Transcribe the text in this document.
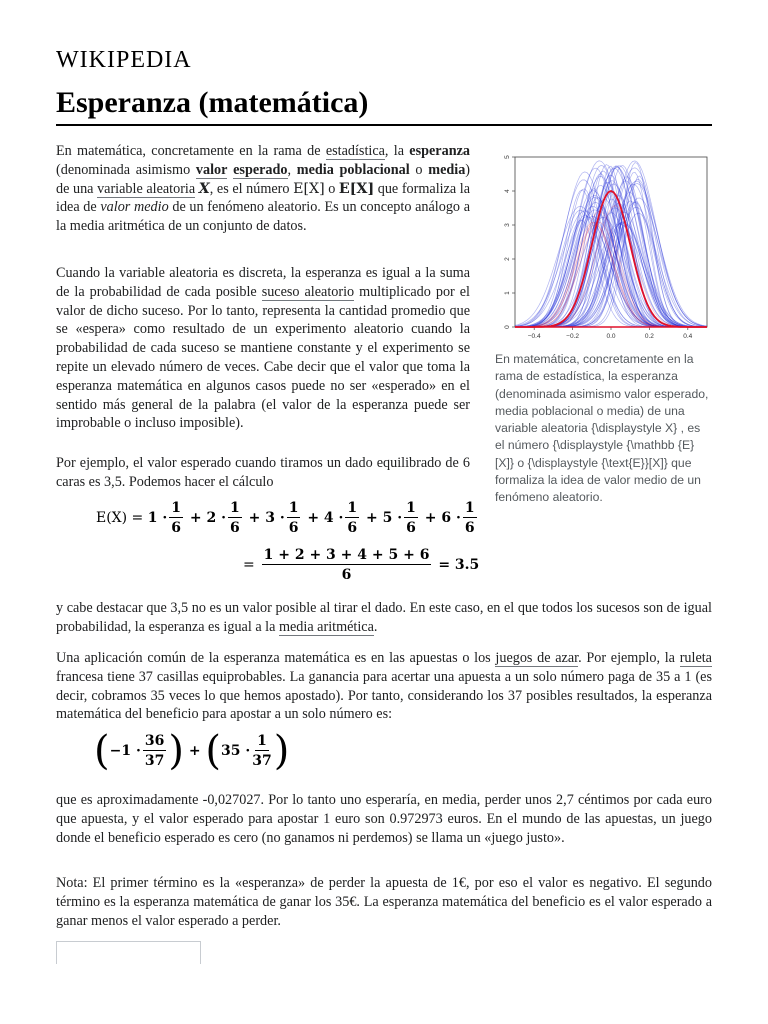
WIKIPEDIA
Esperanza (matemática)

En matemática, concretamente en la rama de estadística, la esperanza (denominada asimismo valor esperado, media poblacional o media) de una variable aleatoria X, es el número E[X] o E[X] que formaliza la idea de valor medio de un fenómeno aleatorio. Es un concepto análogo a la media aritmética de un conjunto de datos.

0
1
2
3
4
5
−0.4	−0.2	0.0	0.2	0.4
En matemática, concretamente en la rama de estadística, la esperanza (denominada asimismo valor esperado, media poblacional o media) de una variable aleatoria {\displaystyle X} , es el número {\displaystyle {\mathbb {E} [X]} o {\displaystyle {\text{E}}[X]} que formaliza la idea de valor medio de un fenómeno aleatorio.

Cuando la variable aleatoria es discreta, la esperanza es igual a la suma de la probabilidad de cada posible suceso aleatorio multiplicado por el valor de dicho suceso. Por lo tanto, representa la cantidad promedio que se «espera» como resultado de un experimento aleatorio cuando la probabilidad de cada suceso se mantiene constante y el experimento se repite un elevado número de veces. Cabe decir que el valor que toma la esperanza matemática en algunos casos puede no ser «esperado» en el sentido más general de la palabra (el valor de la esperanza puede ser improbable o incluso imposible).

Por ejemplo, el valor esperado cuando tiramos un dado equilibrado de 6 caras es 3,5. Podemos hacer el cálculo

$E(X) = 1 \cdot \frac{1}{6} + 2 \cdot \frac{1}{6} + 3 \cdot \frac{1}{6} + 4 \cdot \frac{1}{6} + 5 \cdot \frac{1}{6} + 6 \cdot \frac{1}{6}$
= $\frac{1 + 2 + 3 + 4 + 5 + 6}{6} = 3.5$

y cabe destacar que 3,5 no es un valor posible al tirar el dado. En este caso, en el que todos los sucesos son de igual probabilidad, la esperanza es igual a la media aritmética.

Una aplicación común de la esperanza matemática es en las apuestas o los juegos de azar. Por ejemplo, la ruleta francesa tiene 37 casillas equiprobables. La ganancia para acertar una apuesta a un solo número paga de 35 a 1 (es decir, cobramos 35 veces lo que hemos apostado). Por tanto, considerando los 37 posibles resultados, la esperanza matemática del beneficio para apostar a un solo número es:

($-1 \cdot \frac{36}{37}$ ) + ($35 \cdot \frac{1}{37}$ )

que es aproximadamente -0,027027. Por lo tanto uno esperaría, en media, perder unos 2,7 céntimos por cada euro que apuesta, y el valor esperado para apostar 1 euro son 0.972973 euros. En el mundo de las apuestas, un juego donde el beneficio esperado es cero (no ganamos ni perdemos) se llama un «juego justo».

Nota: El primer término es la «esperanza» de perder la apuesta de 1€, por eso el valor es negativo. El segundo término es la esperanza matemática de ganar los 35€. La esperanza matemática del beneficio es el valor esperado a ganar menos el valor esperado a perder.
